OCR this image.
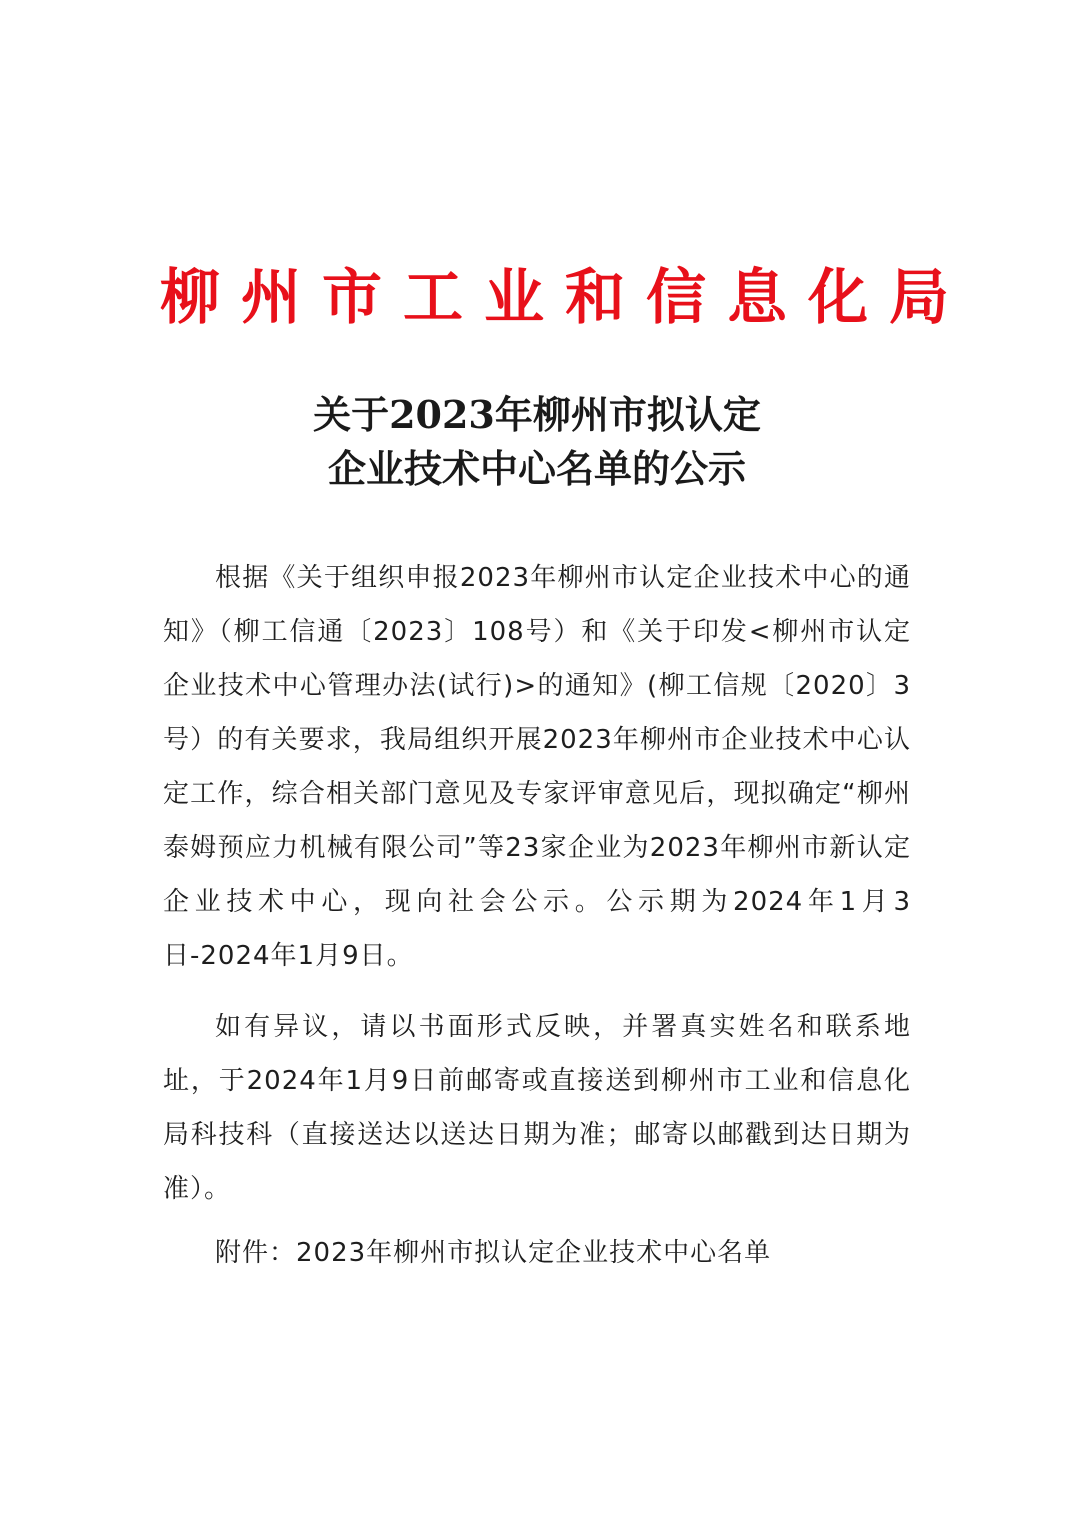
柳州市工业和信息化局
关于2023年柳州市拟认定
企业技术中心名单的公示

根据《关于组织申报2023年柳州市认定企业技术中心的通知》（柳工信通〔2023〕108号）和《关于印发<柳州市认定企业技术中心管理办法(试行)>的通知》(柳工信规〔2020〕3号）的有关要求，我局组织开展2023年柳州市企业技术中心认定工作，综合相关部门意见及专家评审意见后，现拟确定“柳州泰姆预应力机械有限公司”等23家企业为2023年柳州市新认定企业技术中心，现向社会公示。公示期为2024年1月3日-2024年1月9日。

如有异议，请以书面形式反映，并署真实姓名和联系地址，于2024年1月9日前邮寄或直接送到柳州市工业和信息化局科技科（直接送达以送达日期为准；邮寄以邮戳到达日期为准）。

附件：2023年柳州市拟认定企业技术中心名单
